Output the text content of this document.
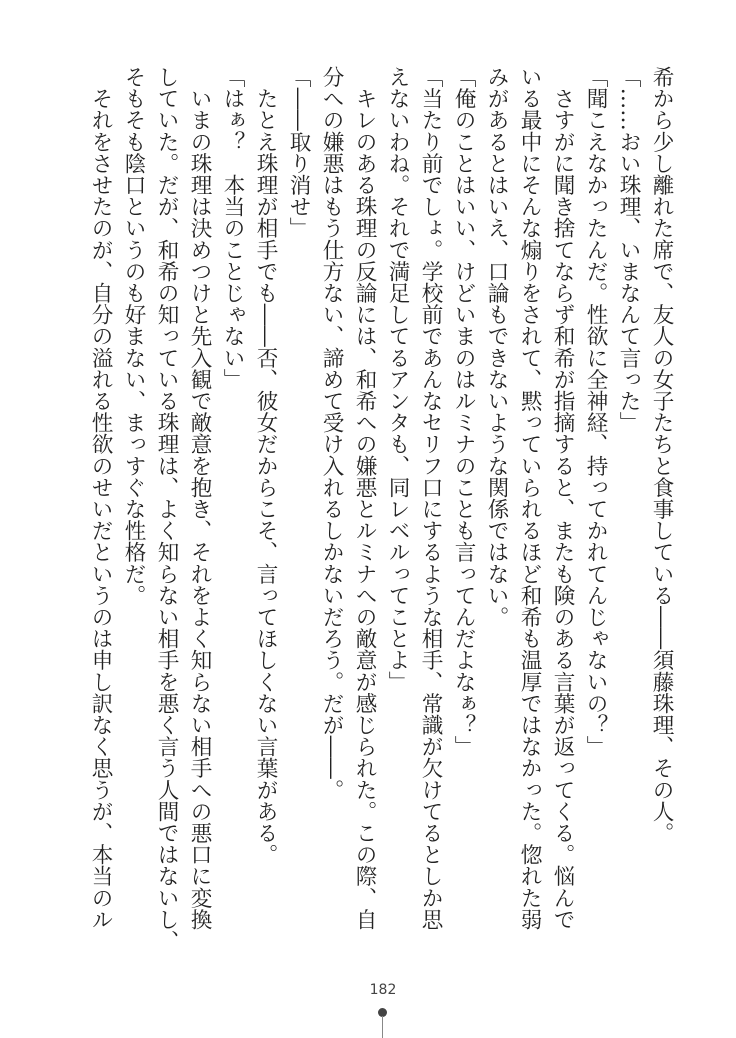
希から少し離れた席で、友人の女子たちと食事している――須藤珠理、その人。
「……おい珠理、いまなんて言った」
「聞こえなかったんだ。性欲に全神経、持ってかれてんじゃないの？」
　さすがに聞き捨てならず和希が指摘すると、またも険のある言葉が返ってくる。悩んで
いる最中にそんな煽りをされて、黙っていられるほど和希も温厚ではなかった。惚れた弱
みがあるとはいえ、口論もできないような関係ではない。
「俺のことはいい、けどいまのはルミナのことも言ってんだよなぁ？」
「当たり前でしょ。学校前であんなセリフ口にするような相手、常識が欠けてるとしか思
えないわね。それで満足してるアンタも、同レベルってことよ」
　キレのある珠理の反論には、和希への嫌悪とルミナへの敵意が感じられた。この際、自
分への嫌悪はもう仕方ない、諦めて受け入れるしかないだろう。だが――。
「――取り消せ」
　たとえ珠理が相手でも――否、彼女だからこそ、言ってほしくない言葉がある。
「はぁ？　本当のことじゃない」
　いまの珠理は決めつけと先入観で敵意を抱き、それをよく知らない相手への悪口に変換
していた。だが、和希の知っている珠理は、よく知らない相手を悪く言う人間ではないし、
そもそも陰口というのも好まない、まっすぐな性格だ。
　それをさせたのが、自分の溢れる性欲のせいだというのは申し訳なく思うが、本当のル
182
